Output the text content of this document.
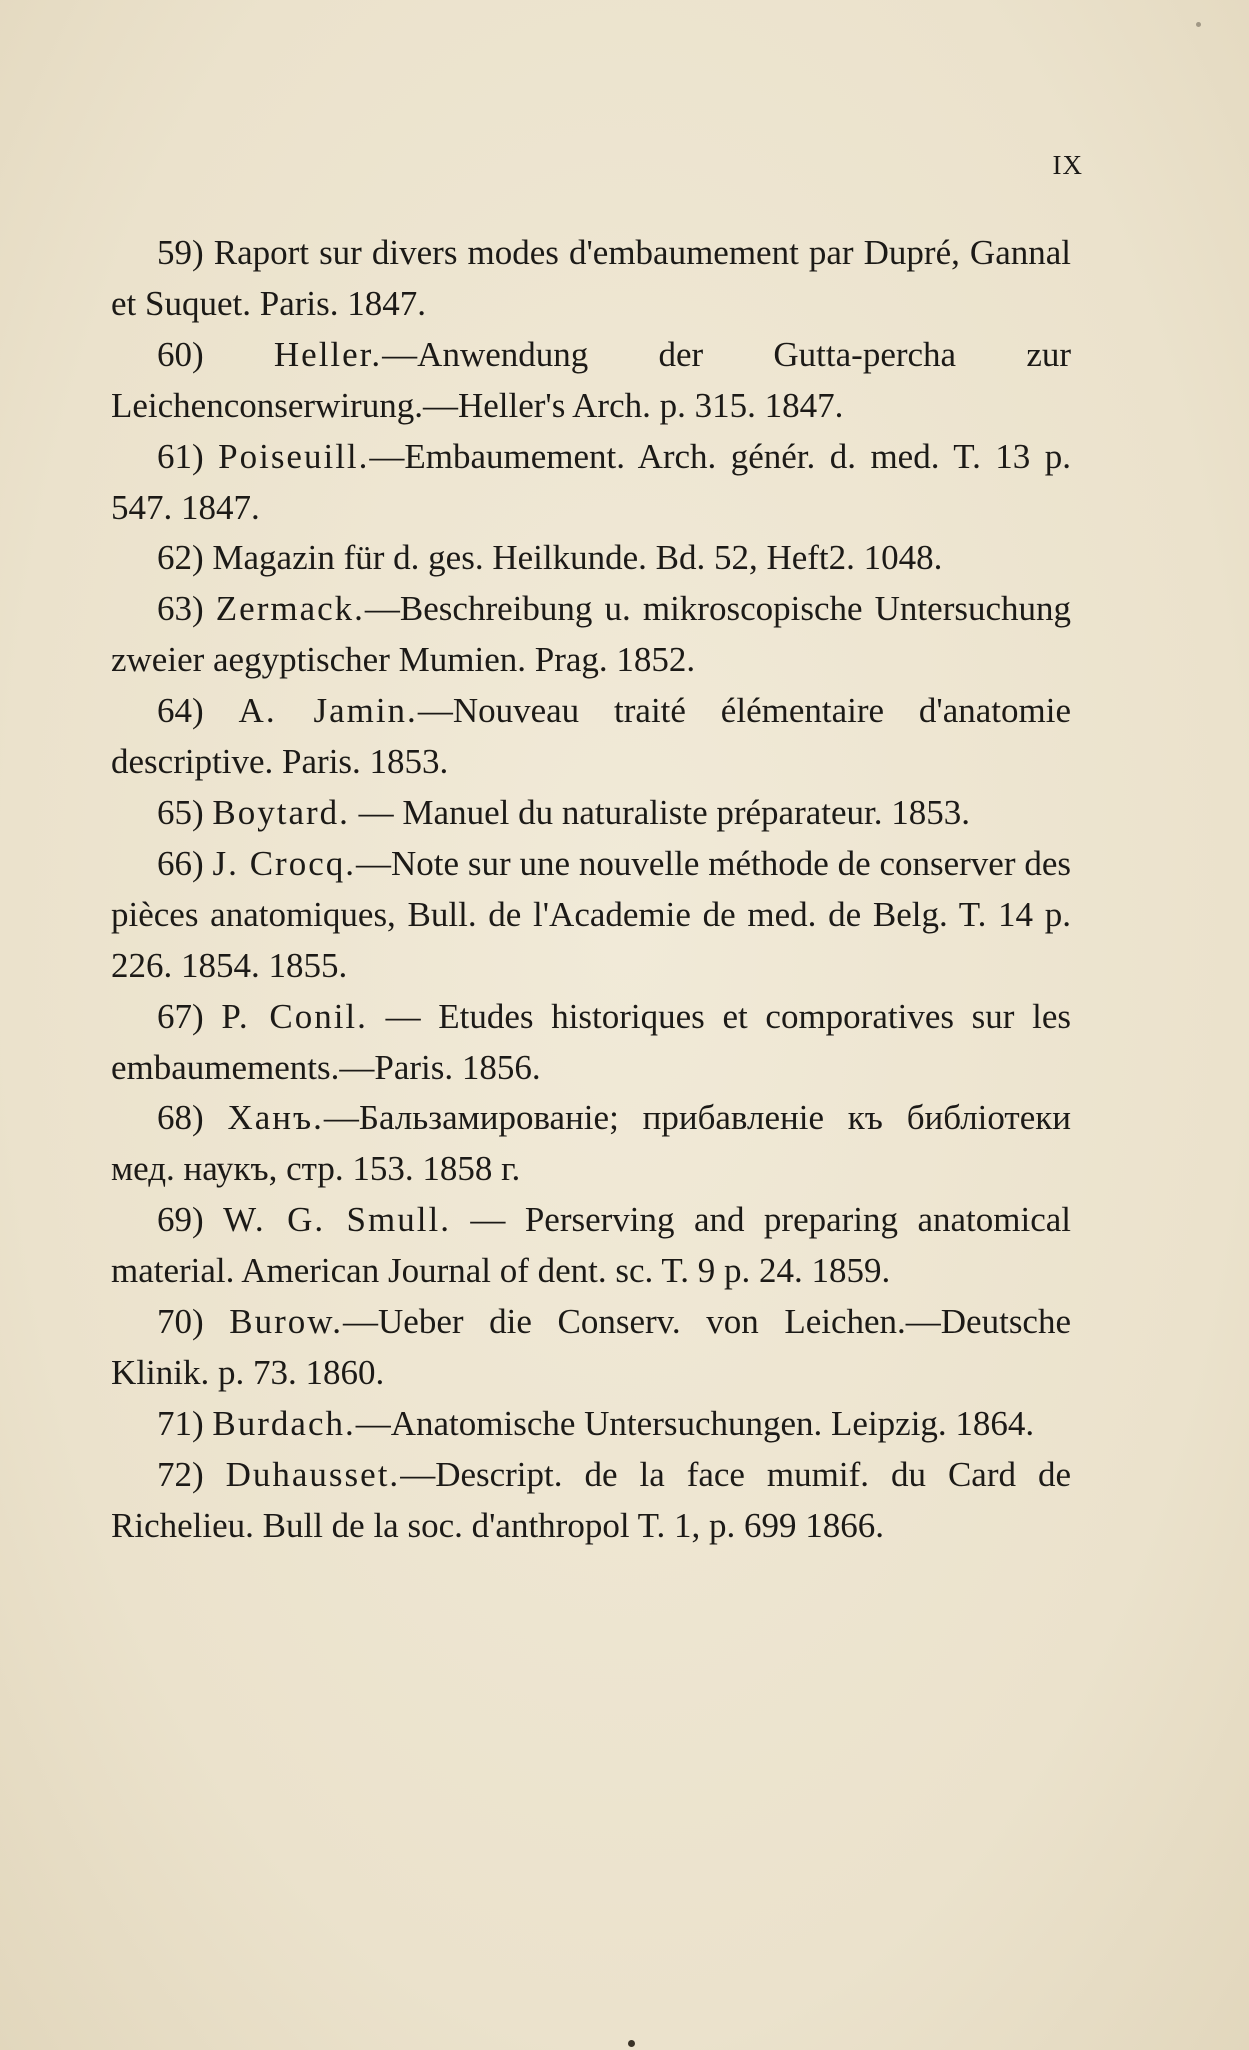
IX

59) Raport sur divers modes d'embaumement par Dupré, Gannal et Suquet. Paris. 1847.

60) Heller.—Anwendung der Gutta-percha zur Leichenconserwirung.—Heller's Arch. p. 315. 1847.

61) Poiseuill.—Embaumement. Arch. génér. d. med. T. 13 p. 547. 1847.

62) Magazin für d. ges. Heilkunde. Bd. 52, Heft2. 1048.

63) Zermack.—Beschreibung u. mikroscopische Untersuchung zweier aegyptischer Mumien. Prag. 1852.

64) A. Jamin.—Nouveau traité élémentaire d'anatomie descriptive. Paris. 1853.

65) Boytard. — Manuel du naturaliste préparateur. 1853.

66) J. Crocq.—Note sur une nouvelle méthode de conserver des pièces anatomiques, Bull. de l'Academie de med. de Belg. T. 14 p. 226. 1854. 1855.

67) P. Conil. — Etudes historiques et comporatives sur les embaumements.—Paris. 1856.

68) Ханъ.—Бальзамированіе; прибавленіе къ библіотеки мед. наукъ, стр. 153. 1858 г.

69) W. G. Smull. — Perserving and preparing anatomical material. American Journal of dent. sc. T. 9 p. 24. 1859.

70) Burow.—Ueber die Conserv. von Leichen.—Deutsche Klinik. p. 73. 1860.

71) Burdach.—Anatomische Untersuchungen. Leipzig. 1864.

72) Duhausset.—Descript. de la face mumif. du Card de Richelieu. Bull de la soc. d'anthropol T. 1, p. 699 1866.
